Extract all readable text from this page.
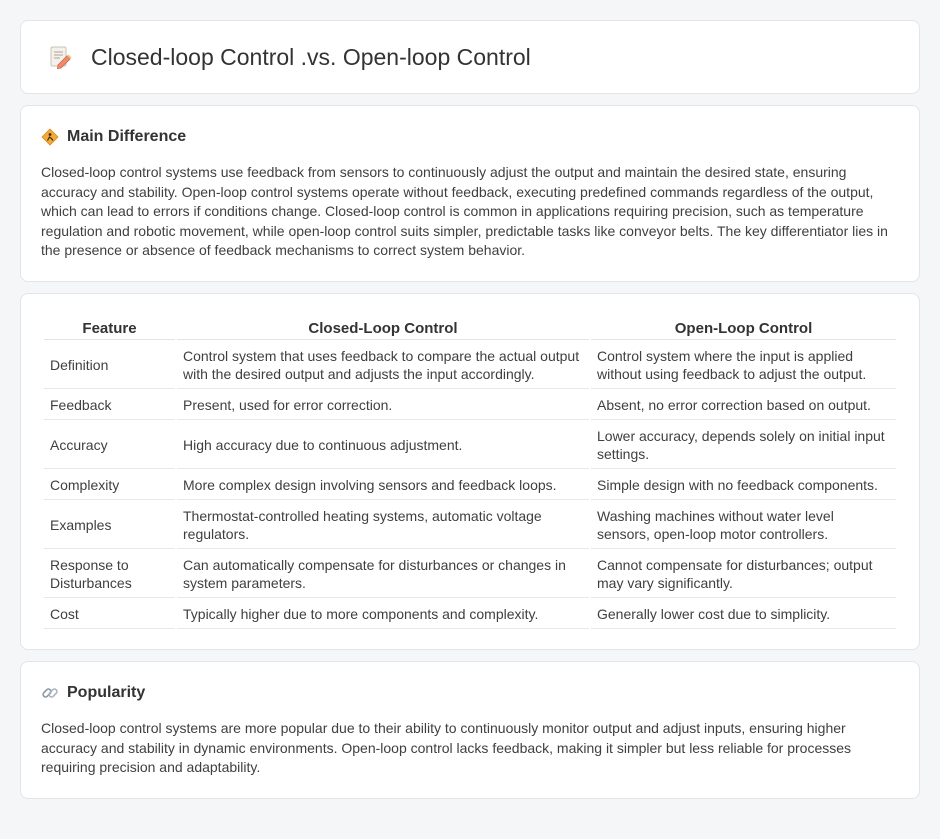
Closed-loop Control .vs. Open-loop Control
Main Difference

Closed-loop control systems use feedback from sensors to continuously adjust the output and maintain the desired state, ensuring accuracy and stability. Open-loop control systems operate without feedback, executing predefined commands regardless of the output, which can lead to errors if conditions change. Closed-loop control is common in applications requiring precision, such as temperature regulation and robotic movement, while open-loop control suits simpler, predictable tasks like conveyor belts. The key differentiator lies in the presence or absence of feedback mechanisms to correct system behavior.

Feature	Closed-Loop Control	Open-Loop Control
Definition	Control system that uses feedback to compare the actual output with the desired output and adjusts the input accordingly.	Control system where the input is applied without using feedback to adjust the output.
Feedback	Present, used for error correction.	Absent, no error correction based on output.
Accuracy	High accuracy due to continuous adjustment.	Lower accuracy, depends solely on initial input settings.
Complexity	More complex design involving sensors and feedback loops.	Simple design with no feedback components.
Examples	Thermostat-controlled heating systems, automatic voltage regulators.	Washing machines without water level sensors, open-loop motor controllers.
Response to Disturbances	Can automatically compensate for disturbances or changes in system parameters.	Cannot compensate for disturbances; output may vary significantly.
Cost	Typically higher due to more components and complexity.	Generally lower cost due to simplicity.
Popularity

Closed-loop control systems are more popular due to their ability to continuously monitor output and adjust inputs, ensuring higher accuracy and stability in dynamic environments. Open-loop control lacks feedback, making it simpler but less reliable for processes requiring precision and adaptability.
